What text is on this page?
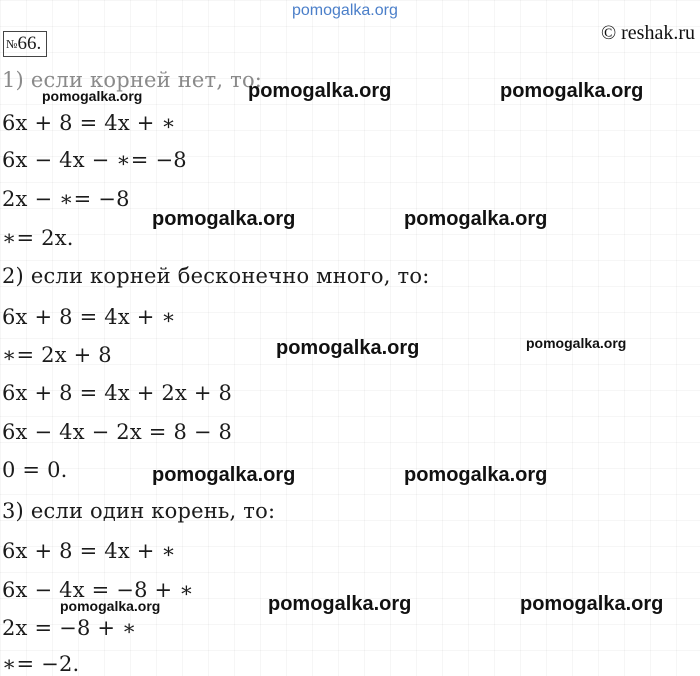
pomogalka.org
№66.	© reshak.ru
1) если корней нет, то:
6x + 8 = 4x + ∗
6x − 4x − ∗= −8
2x − ∗= −8
∗= 2x.
2) если корней бесконечно много, то:
6x + 8 = 4x + ∗
∗= 2x + 8
6x + 8 = 4x + 2x + 8
6x − 4x − 2x = 8 − 8
0 = 0.
3) если один корень, то:
6x + 8 = 4x + ∗
6x − 4x = −8 + ∗
2x = −8 + ∗
∗= −2.
pomogalka.org	pomogalka.org	pomogalka.org
pomogalka.org	pomogalka.org
pomogalka.org	pomogalka.org
pomogalka.org	pomogalka.org
pomogalka.org	pomogalka.org	pomogalka.org
